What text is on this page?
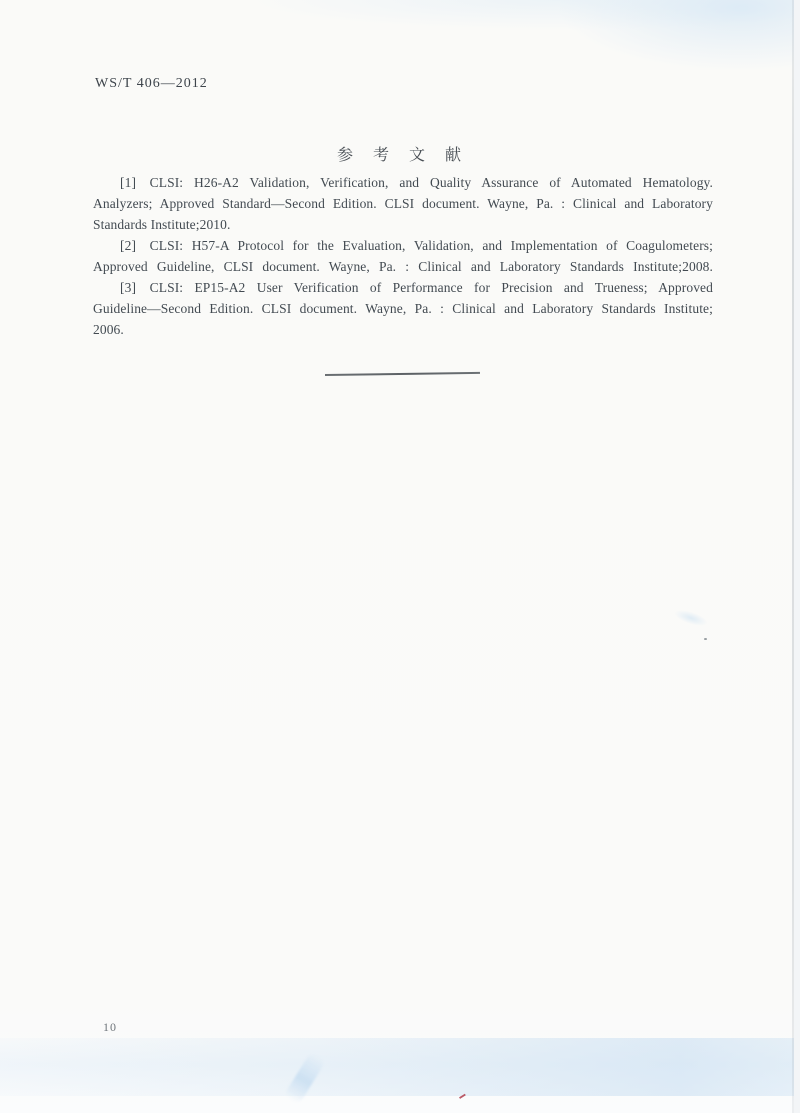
WS/T 406—2012
参　考　文　献
[1] CLSI: H26-A2 Validation, Verification, and Quality Assurance of Automated Hematology.
Analyzers; Approved Standard—Second Edition. CLSI document. Wayne, Pa. : Clinical and Laboratory
Standards Institute;2010.
[2] CLSI: H57-A Protocol for the Evaluation, Validation, and Implementation of Coagulometers;
Approved Guideline, CLSI document. Wayne, Pa. : Clinical and Laboratory Standards Institute;2008.
[3] CLSI: EP15-A2 User Verification of Performance for Precision and Trueness; Approved
Guideline—Second Edition. CLSI document. Wayne, Pa. : Clinical and Laboratory Standards Institute;
2006.
10
